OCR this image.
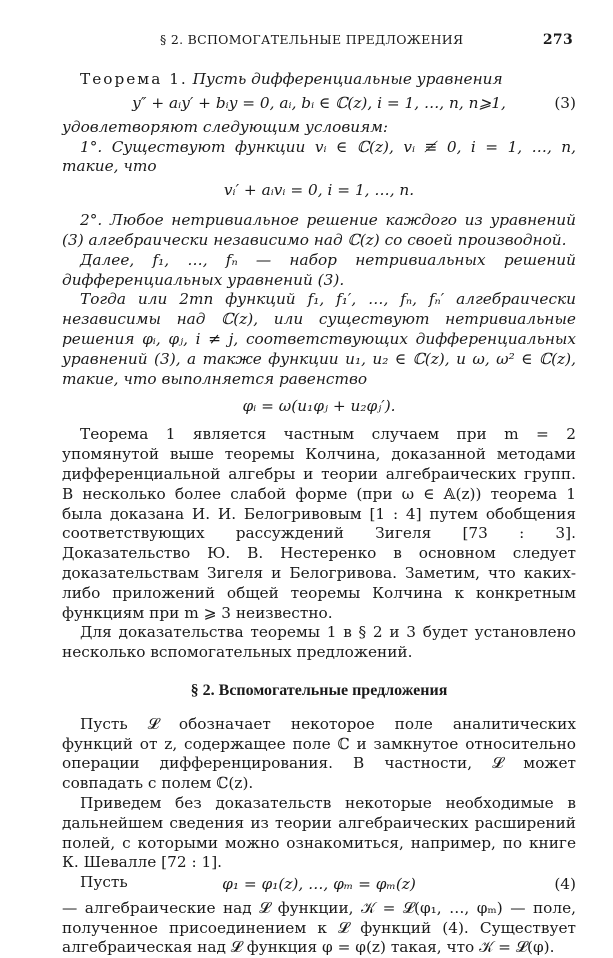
§ 2. ВСПОМОГАТЕЛЬНЫЕ ПРЕДЛОЖЕНИЯ	273

Теорема 1. Пусть дифференциальные уравнения

y″ + aᵢy′ + bᵢy = 0, aᵢ, bᵢ ∈ ℂ(z), i = 1, …, n, n⩾1,	(3)

удовлетворяют следующим условиям:

1°. Существуют функции vᵢ ∈ ℂ(z), vᵢ ≢ 0, i = 1, …, n, такие, что

vᵢ′ + aᵢvᵢ = 0, i = 1, …, n.

2°. Любое нетривиальное решение каждого из уравнений (3) алгебраически независимо над ℂ(z) со своей производной.

Далее, f₁, …, fₙ — набор нетривиальных решений дифференциальных уравнений (3).

Тогда или 2mn функций f₁, f₁′, …, fₙ, fₙ′ алгебраически независимы над ℂ(z), или существуют нетривиальные решения φᵢ, φⱼ, i ≠ j, соответствующих дифференциальных уравнений (3), а также функции u₁, u₂ ∈ ℂ(z), и ω, ω² ∈ ℂ(z), такие, что выполняется равенство

φᵢ = ω(u₁φⱼ + u₂φⱼ′).

Теорема 1 является частным случаем при m = 2 упомянутой выше теоремы Колчина, доказанной методами дифференциальной алгебры и теории алгебраических групп. В несколько более слабой форме (при ω ∈ 𝔸(z)) теорема 1 была доказана И. И. Белогривовым [1 : 4] путем обобщения соответствующих рассуждений Зигеля [73 : 3]. Доказательство Ю. В. Нестеренко в основном следует доказательствам Зигеля и Белогривова. Заметим, что каких-либо приложений общей теоремы Колчина к конкретным функциям при m ⩾ 3 неизвестно.

Для доказательства теоремы 1 в § 2 и 3 будет установлено несколько вспомогательных предложений.

§ 2. Вспомогательные предложения

Пусть 𝓛 обозначает некоторое поле аналитических функций от z, содержащее поле ℂ и замкнутое относительно операции дифференцирования. В частности, 𝓛 может совпадать с полем ℂ(z).

Приведем без доказательств некоторые необходимые в дальнейшем сведения из теории алгебраических расширений полей, с которыми можно ознакомиться, например, по книге К. Шевалле [72 : 1].

Пусть	φ₁ = φ₁(z), …, φₘ = φₘ(z)	(4)

— алгебраические над 𝓛 функции, 𝒦 = 𝓛(φ₁, …, φₘ) — поле, полученное присоединением к 𝓛 функций (4). Существует алгебраическая над 𝓛 функция φ = φ(z) такая, что 𝒦 = 𝓛(φ).
